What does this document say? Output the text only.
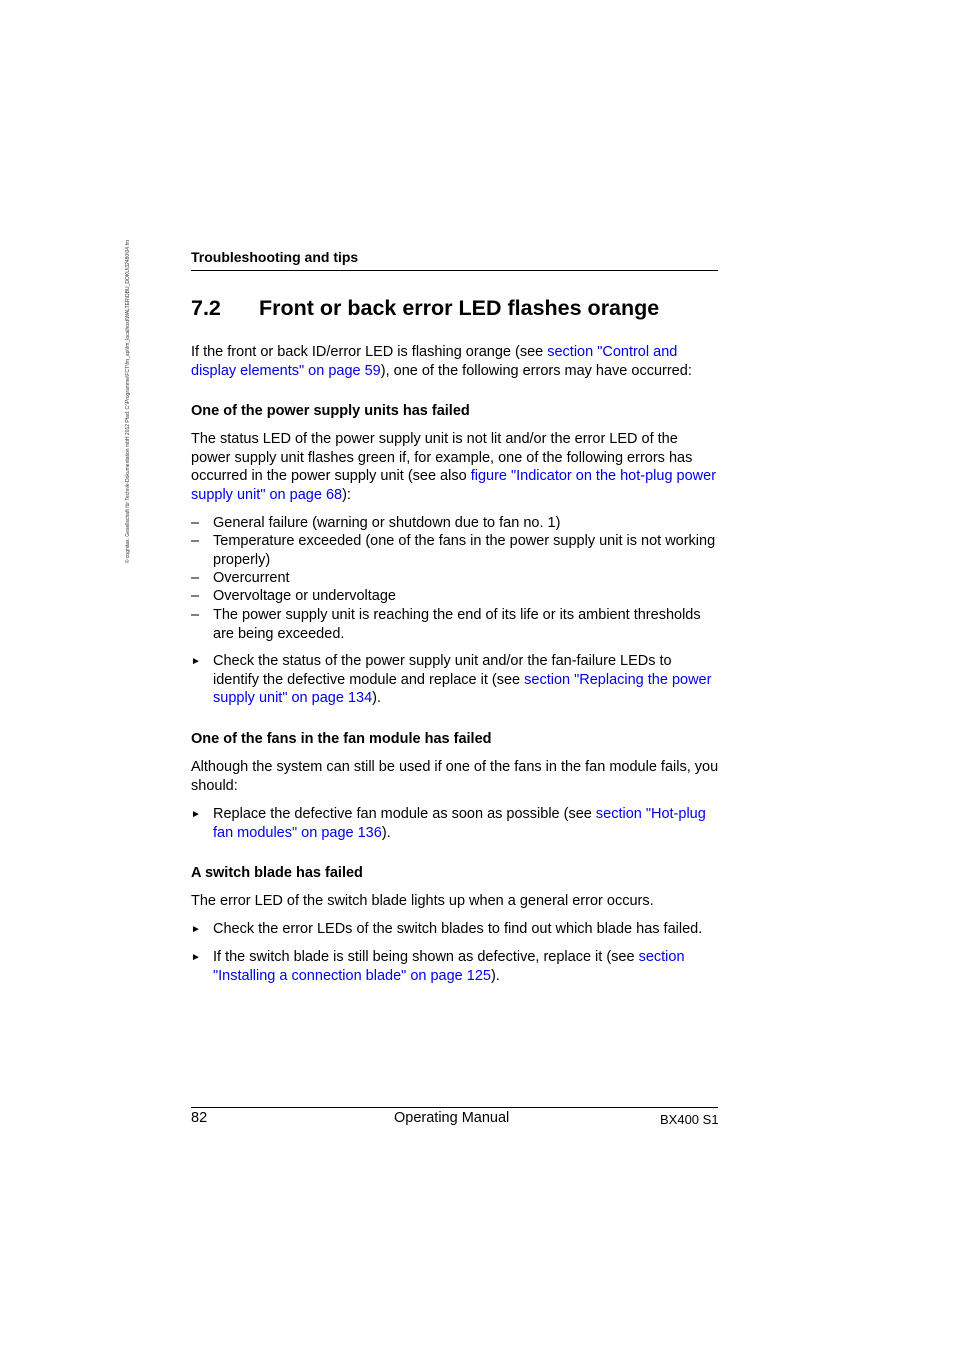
© cognitas. Gesellschaft für Technik-Dokumentation mbH 2012 Pfad: C:\Programme\FCT\fm_api\fm_localhost\WALTER\DBU_DOKU\32480\04.fm	Troubleshooting and tips
7.2 Front or back error LED flashes orange
If the front or back ID/error LED is flashing orange (see section "Control and display elements" on page 59), one of the following errors may have occurred:
One of the power supply units has failed
The status LED of the power supply unit is not lit and/or the error LED of the power supply unit flashes green if, for example, one of the following errors has occurred in the power supply unit (see also figure "Indicator on the hot-plug power supply unit" on page 68):
– General failure (warning or shutdown due to fan no. 1)
– Temperature exceeded (one of the fans in the power supply unit is not working properly)
– Overcurrent
– Overvoltage or undervoltage
– The power supply unit is reaching the end of its life or its ambient thresholds are being exceeded.
► Check the status of the power supply unit and/or the fan-failure LEDs to identify the defective module and replace it (see section "Replacing the power supply unit" on page 134).
One of the fans in the fan module has failed
Although the system can still be used if one of the fans in the fan module fails, you should:
► Replace the defective fan module as soon as possible (see section "Hot-plug fan modules" on page 136).
A switch blade has failed
The error LED of the switch blade lights up when a general error occurs.
► Check the error LEDs of the switch blades to find out which blade has failed.
► If the switch blade is still being shown as defective, replace it (see section "Installing a connection blade" on page 125).
82	Operating Manual	BX400 S1
